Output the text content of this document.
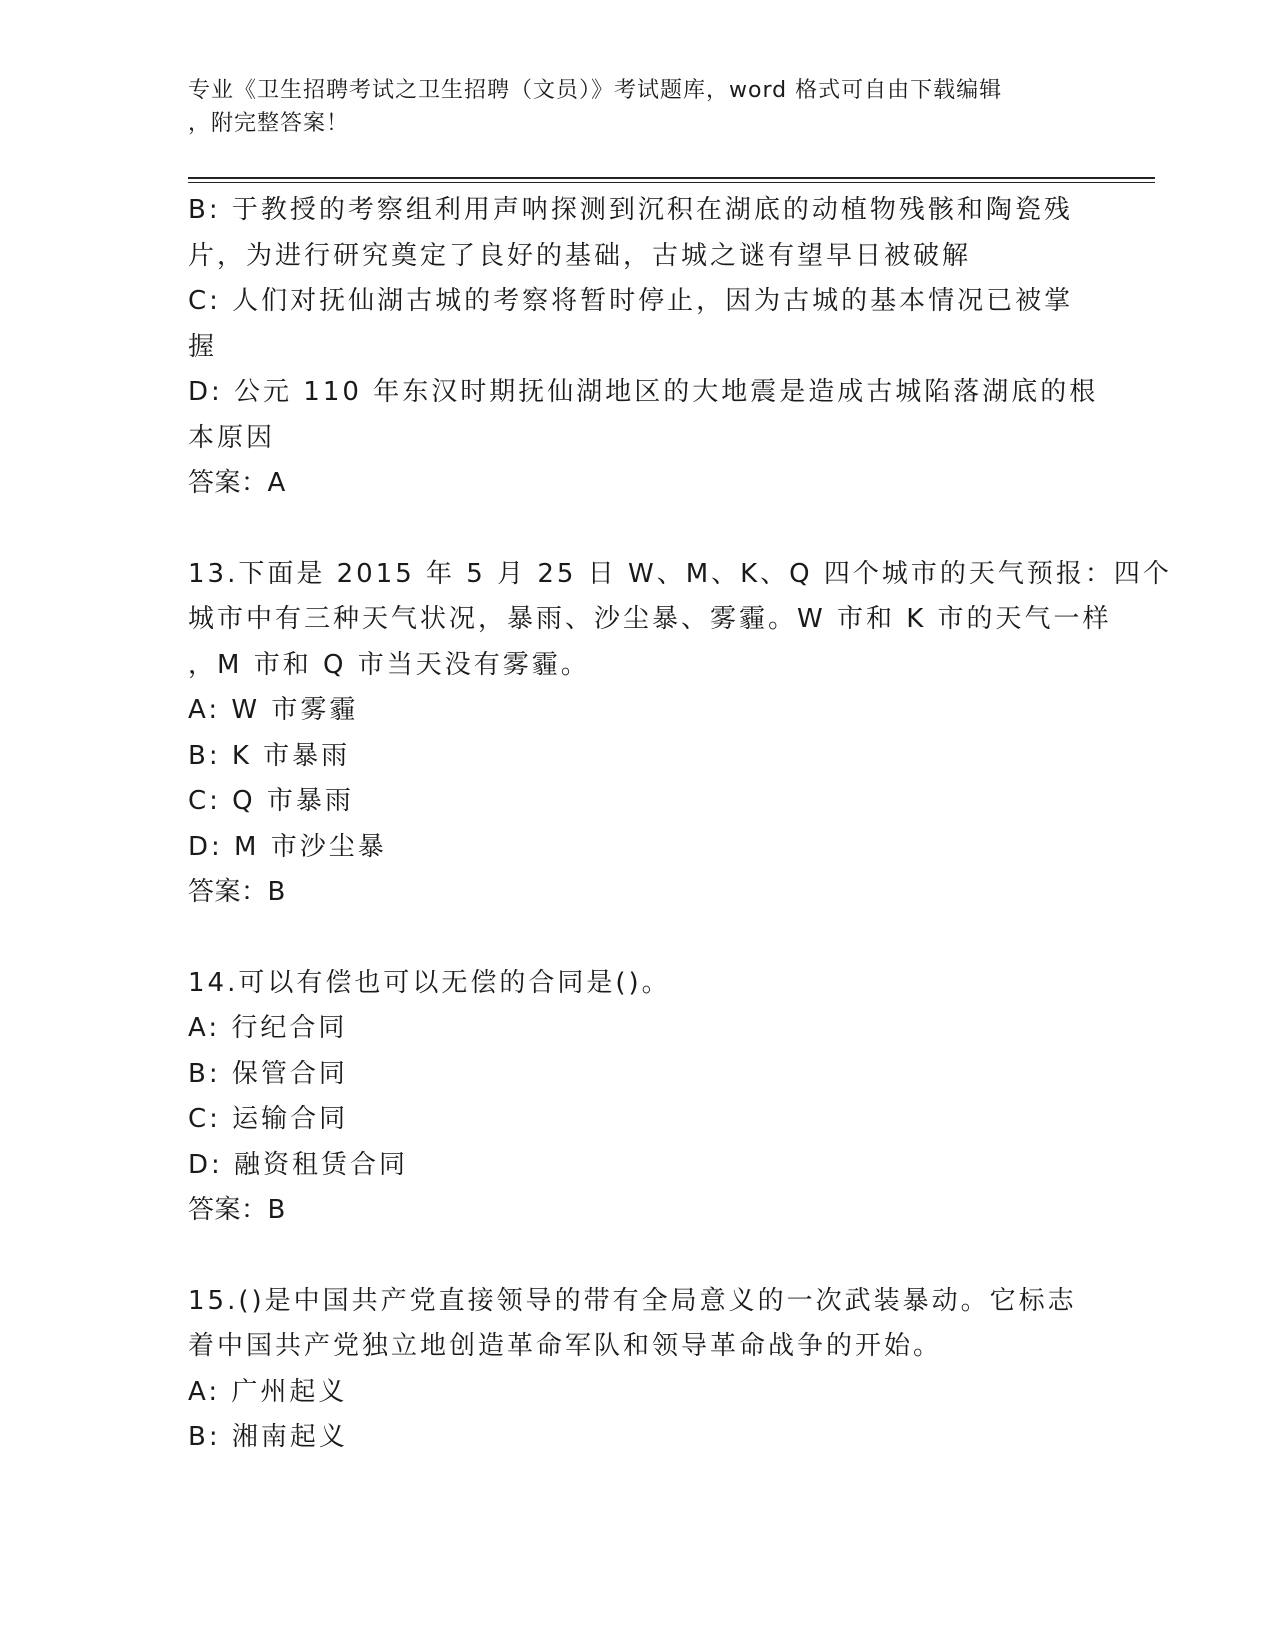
专业《卫生招聘考试之卫生招聘（文员）》考试题库，word 格式可自由下载编辑
，附完整答案！
B: 于教授的考察组利用声呐探测到沉积在湖底的动植物残骸和陶瓷残
片，为进行研究奠定了良好的基础，古城之谜有望早日被破解
C: 人们对抚仙湖古城的考察将暂时停止，因为古城的基本情况已被掌
握
D: 公元 110 年东汉时期抚仙湖地区的大地震是造成古城陷落湖底的根
本原因
答案：A
13.下面是 2015 年 5 月 25 日 W、M、K、Q 四个城市的天气预报：四个
城市中有三种天气状况，暴雨、沙尘暴、雾霾。W 市和 K 市的天气一样
，M 市和 Q 市当天没有雾霾。
A: W 市雾霾
B: K 市暴雨
C: Q 市暴雨
D: M 市沙尘暴
答案：B
14.可以有偿也可以无偿的合同是()。
A: 行纪合同
B: 保管合同
C: 运输合同
D: 融资租赁合同
答案：B
15.()是中国共产党直接领导的带有全局意义的一次武装暴动。它标志
着中国共产党独立地创造革命军队和领导革命战争的开始。
A: 广州起义
B: 湘南起义
